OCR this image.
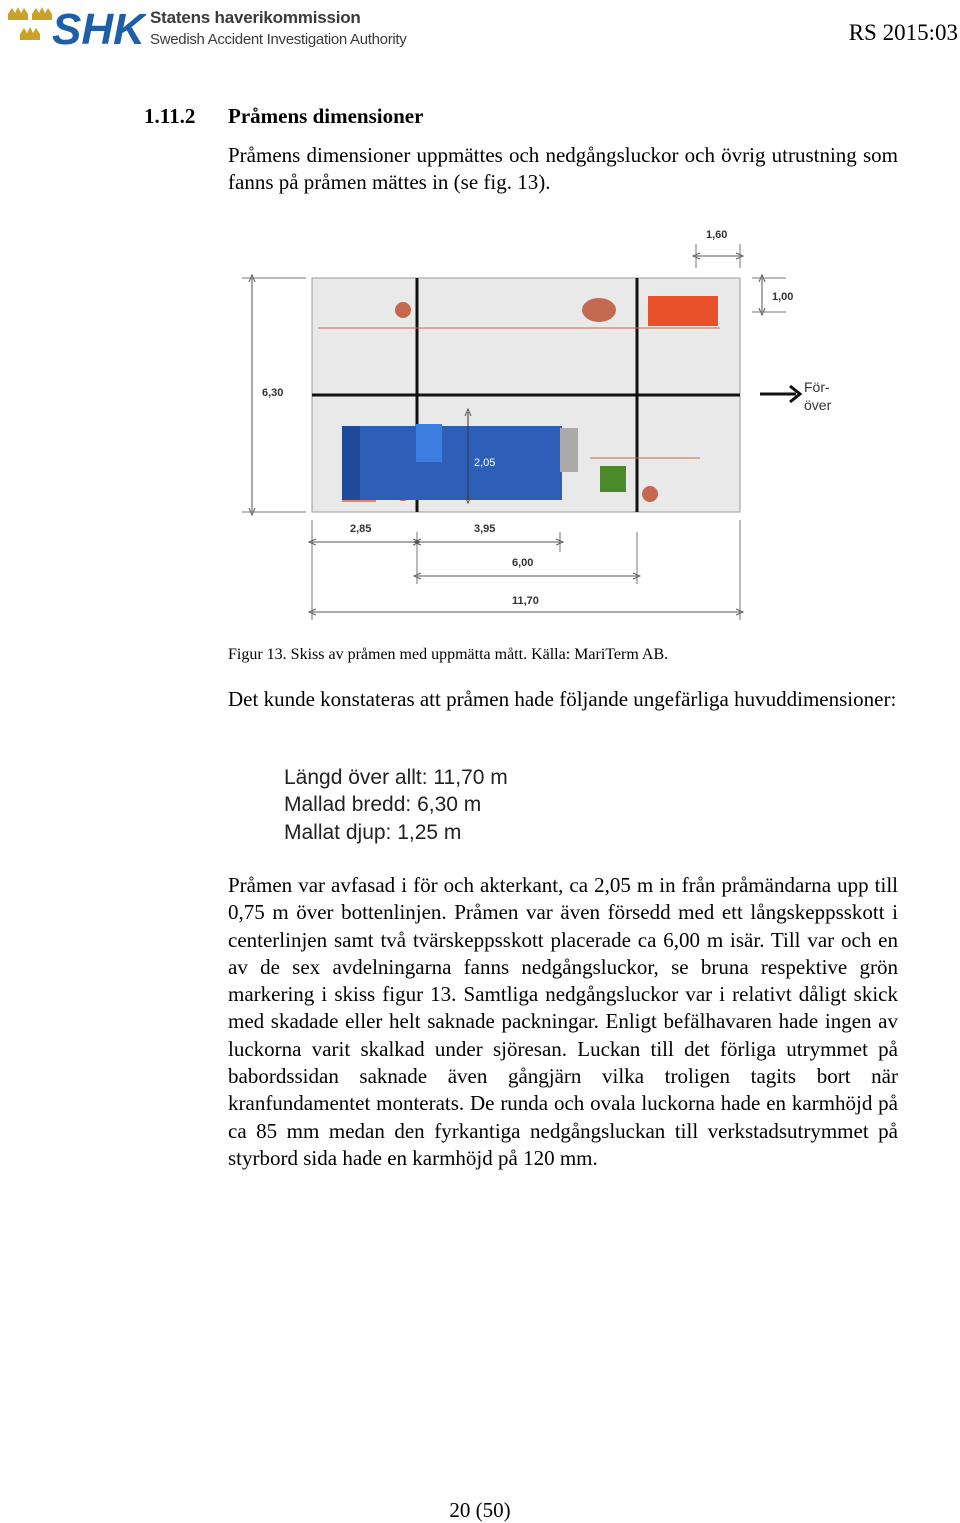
SHK Statens haverikommission
Swedish Accident Investigation Authority	RS 2015:03
1.11.2 Pråmens dimensioner

Pråmens dimensioner uppmättes och nedgångsluckor och övrig utrustning som fanns på pråmen mättes in (se fig. 13).

2,05
6,30
1,60
1,00
För-
över
2,85	3,95
6,00
11,70
Figur 13. Skiss av pråmen med uppmätta mått. Källa: MariTerm AB.

Det kunde konstateras att pråmen hade följande ungefärliga huvuddimensioner:

Längd över allt: 11,70 m
Mallad bredd: 6,30 m
Mallat djup: 1,25 m

Pråmen var avfasad i för och akterkant, ca 2,05 m in från pråmändarna upp till 0,75 m över bottenlinjen. Pråmen var även försedd med ett långskeppsskott i centerlinjen samt två tvärskeppsskott placerade ca 6,00 m isär. Till var och en av de sex avdelningarna fanns nedgångsluckor, se bruna respektive grön markering i skiss figur 13. Samtliga nedgångsluckor var i relativt dåligt skick med skadade eller helt saknade packningar. Enligt befälhavaren hade ingen av luckorna varit skalkad under sjöresan. Luckan till det förliga utrymmet på babordssidan saknade även gångjärn vilka troligen tagits bort när kranfundamentet monterats. De runda och ovala luckorna hade en karmhöjd på ca 85 mm medan den fyrkantiga nedgångsluckan till verkstadsutrymmet på styrbord sida hade en karmhöjd på 120 mm.

20 (50)
